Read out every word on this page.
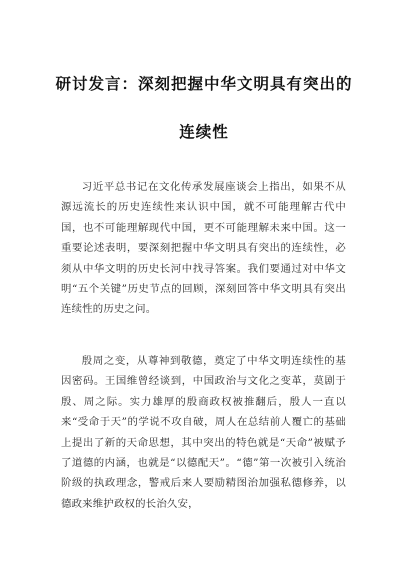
研讨发言：深刻把握中华文明具有突出的
连续性

习近平总书记在文化传承发展座谈会上指出，如果不从源远流长的历史连续性来认识中国，就不可能理解古代中国，也不可能理解现代中国，更不可能理解未来中国。这一重要论述表明，要深刻把握中华文明具有突出的连续性，必须从中华文明的历史长河中找寻答案。我们要通过对中华文明“五个关键”历史节点的回顾，深刻回答中华文明具有突出连续性的历史之问。

殷周之变，从尊神到敬德，奠定了中华文明连续性的基因密码。王国维曾经谈到，中国政治与文化之变革，莫剧于殷、周之际。实力雄厚的殷商政权被推翻后，殷人一直以来“受命于天”的学说不攻自破，周人在总结前人覆亡的基础上提出了新的天命思想，其中突出的特色就是“天命”被赋予了道德的内涵，也就是“以德配天”。“德”第一次被引入统治阶级的执政理念，警戒后来人要励精图治加强私德修养，以德政来维护政权的长治久安，
